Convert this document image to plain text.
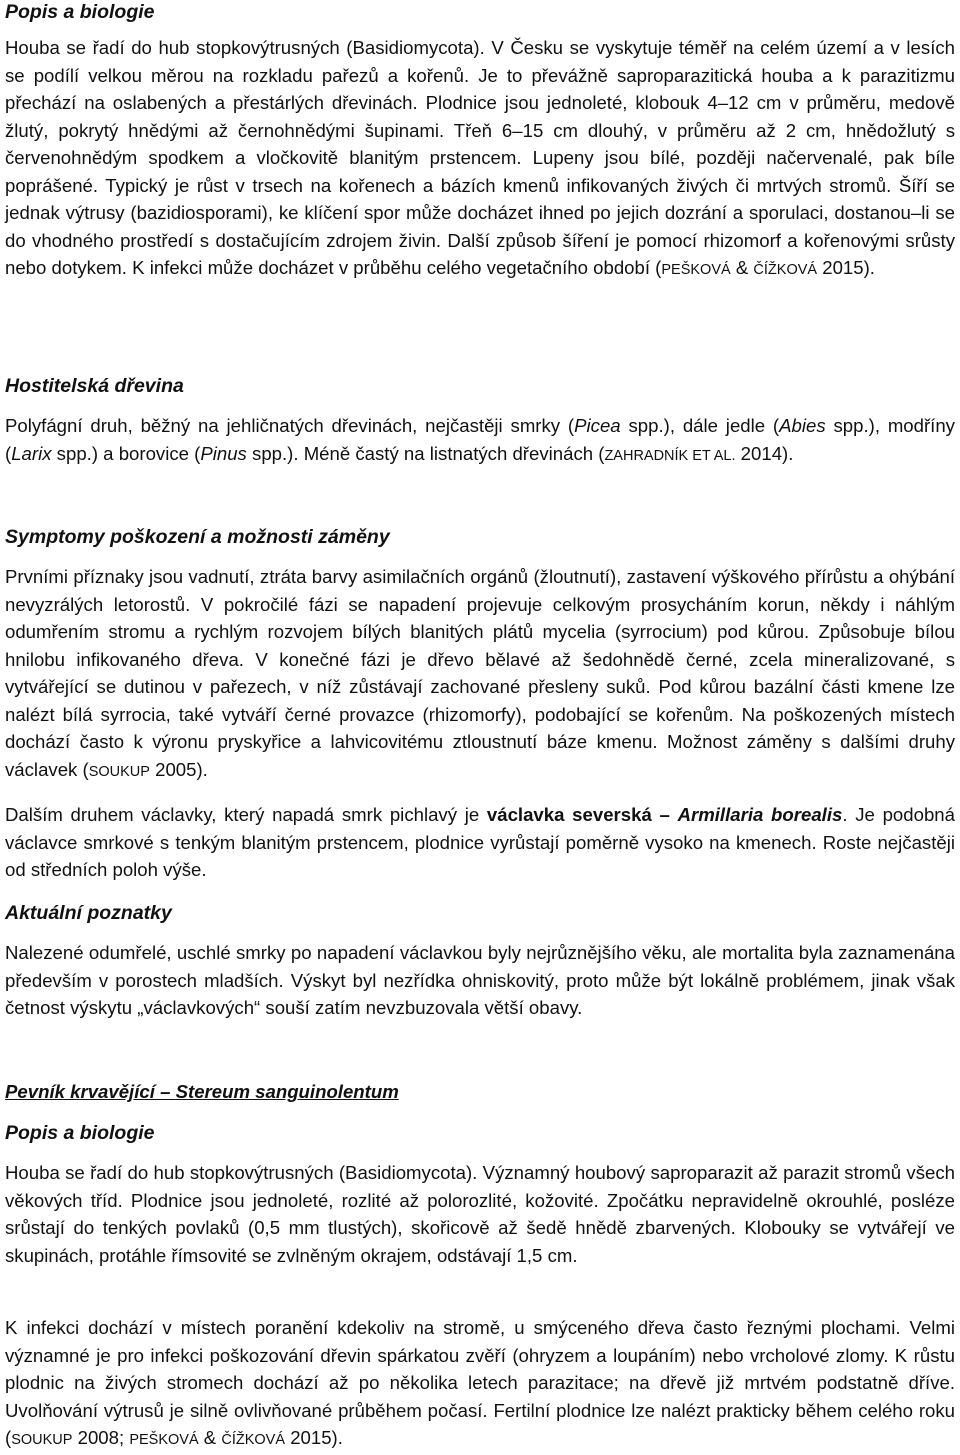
Popis a biologie

Houba se řadí do hub stopkovýtrusných (Basidiomycota). V Česku se vyskytuje téměř na celém území a v lesích se podílí velkou měrou na rozkladu pařezů a kořenů. Je to převážně saproparazitická houba a k parazitizmu přechází na oslabených a přestárlých dřevinách. Plodnice jsou jednoleté, klobouk 4–12 cm v průměru, medově žlutý, pokrytý hnědými až černohnědými šupinami. Třeň 6–15 cm dlouhý, v průměru až 2 cm, hnědožlutý s červenohnědým spodkem a vločkovitě blanitým prstencem. Lupeny jsou bílé, později načervenalé, pak bíle poprášené. Typický je růst v trsech na kořenech a bázích kmenů infikovaných živých či mrtvých stromů. Šíří se jednak výtrusy (bazidiosporami), ke klíčení spor může docházet ihned po jejich dozrání a sporulaci, dostanou–li se do vhodného prostředí s dostačujícím zdrojem živin. Další způsob šíření je pomocí rhizomorf a kořenovými srůsty nebo dotykem. K infekci může docházet v průběhu celého vegetačního období (PEŠKOVÁ & ČÍŽKOVÁ 2015).

Hostitelská dřevina

Polyfágní druh, běžný na jehličnatých dřevinách, nejčastěji smrky (Picea spp.), dále jedle (Abies spp.), modříny (Larix spp.) a borovice (Pinus spp.). Méně častý na listnatých dřevinách (ZAHRADNÍK ET AL. 2014).

Symptomy poškození a možnosti záměny

Prvními příznaky jsou vadnutí, ztráta barvy asimilačních orgánů (žloutnutí), zastavení výškového přírůstu a ohýbání nevyzrálých letorostů. V pokročilé fázi se napadení projevuje celkovým prosycháním korun, někdy i náhlým odumřením stromu a rychlým rozvojem bílých blanitých plátů mycelia (syrrocium) pod kůrou. Způsobuje bílou hnilobu infikovaného dřeva. V konečné fázi je dřevo bělavé až šedohnědě černé, zcela mineralizované, s vytvářející se dutinou v pařezech, v níž zůstávají zachované přesleny suků. Pod kůrou bazální části kmene lze nalézt bílá syrrocia, také vytváří černé provazce (rhizomorfy), podobající se kořenům. Na poškozených místech dochází často k výronu pryskyřice a lahvicovitému ztloustnutí báze kmenu. Možnost záměny s dalšími druhy václavek (SOUKUP 2005).

Dalším druhem václavky, který napadá smrk pichlavý je václavka severská – Armillaria borealis. Je podobná václavce smrkové s tenkým blanitým prstencem, plodnice vyrůstají poměrně vysoko na kmenech. Roste nejčastěji od středních poloh výše.

Aktuální poznatky

Nalezené odumřelé, uschlé smrky po napadení václavkou byly nejrůznějšího věku, ale mortalita byla zaznamenána především v porostech mladších. Výskyt byl nezřídka ohniskovitý, proto může být lokálně problémem, jinak však četnost výskytu „václavkových“ souší zatím nevzbuzovala větší obavy.

Pevník krvavějící – Stereum sanguinolentum
Popis a biologie

Houba se řadí do hub stopkovýtrusných (Basidiomycota). Významný houbový saproparazit až parazit stromů všech věkových tříd. Plodnice jsou jednoleté, rozlité až polorozlité, kožovité. Zpočátku nepravidelně okrouhlé, posléze srůstají do tenkých povlaků (0,5 mm tlustých), skořicově až šedě hnědě zbarvených. Klobouky se vytvářejí ve skupinách, protáhle římsovité se zvlněným okrajem, odstávají 1,5 cm.

K infekci dochází v místech poranění kdekoliv na stromě, u smýceného dřeva často řeznými plochami. Velmi významné je pro infekci poškozování dřevin spárkatou zvěří (ohryzem a loupáním) nebo vrcholové zlomy. K růstu plodnic na živých stromech dochází až po několika letech parazitace; na dřevě již mrtvém podstatně dříve. Uvolňování výtrusů je silně ovlivňované průběhem počasí. Fertilní plodnice lze nalézt prakticky během celého roku (SOUKUP 2008; PEŠKOVÁ & ČÍŽKOVÁ 2015).
